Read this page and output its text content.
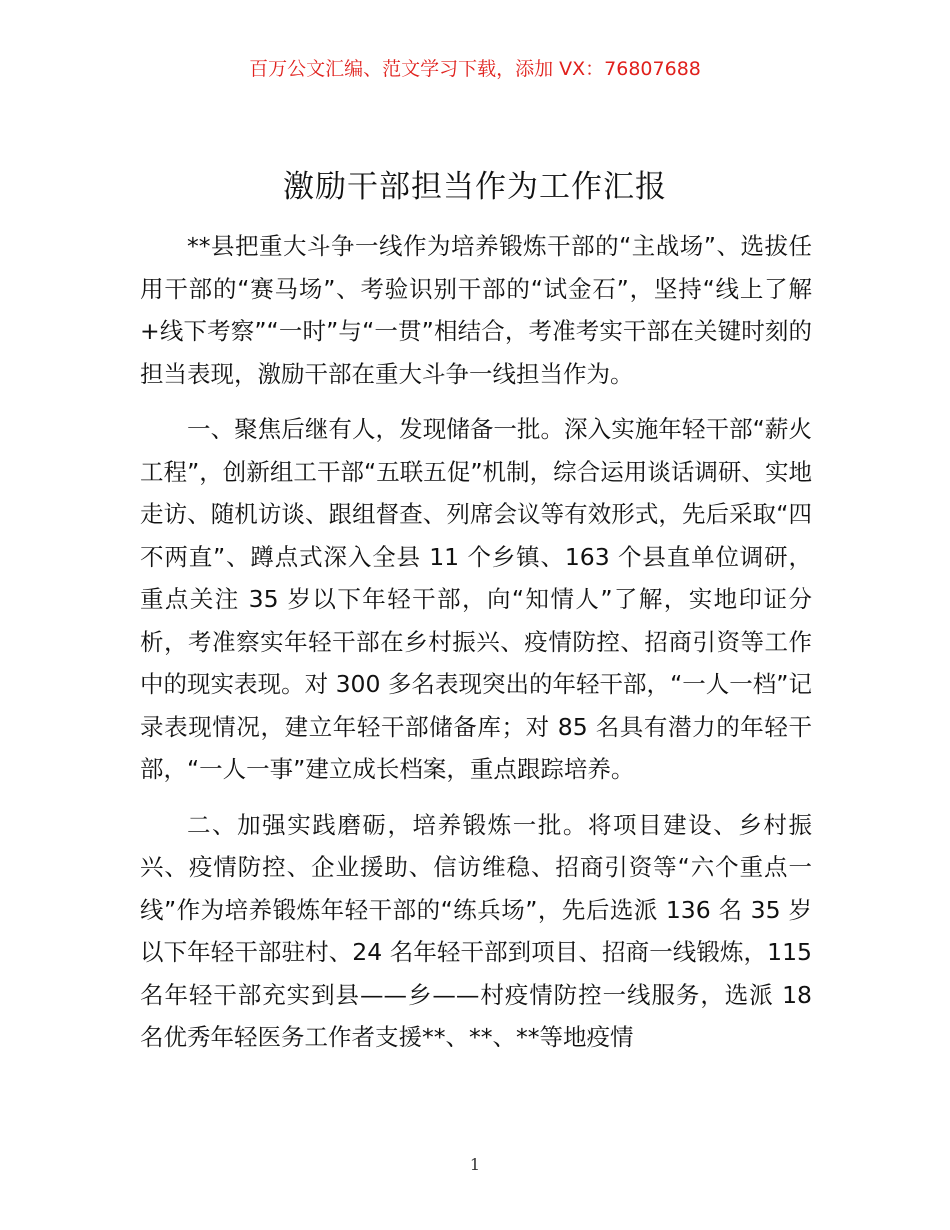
百万公文汇编、范文学习下载，添加 VX：76807688
激励干部担当作为工作汇报

**县把重大斗争一线作为培养锻炼干部的“主战场”、选拔任用干部的“赛马场”、考验识别干部的“试金石”，坚持“线上了解+线下考察”“一时”与“一贯”相结合，考准考实干部在关键时刻的担当表现，激励干部在重大斗争一线担当作为。

一、聚焦后继有人，发现储备一批。深入实施年轻干部“薪火工程”，创新组工干部“五联五促”机制，综合运用谈话调研、实地走访、随机访谈、跟组督查、列席会议等有效形式，先后采取“四不两直”、蹲点式深入全县 11 个乡镇、163 个县直单位调研，重点关注 35 岁以下年轻干部，向“知情人”了解，实地印证分析，考准察实年轻干部在乡村振兴、疫情防控、招商引资等工作中的现实表现。对 300 多名表现突出的年轻干部，“一人一档”记录表现情况，建立年轻干部储备库；对 85 名具有潜力的年轻干部，“一人一事”建立成长档案，重点跟踪培养。

二、加强实践磨砺，培养锻炼一批。将项目建设、乡村振兴、疫情防控、企业援助、信访维稳、招商引资等“六个重点一线”作为培养锻炼年轻干部的“练兵场”，先后选派 136 名 35 岁以下年轻干部驻村、24 名年轻干部到项目、招商一线锻炼，115 名年轻干部充实到县——乡——村疫情防控一线服务，选派 18 名优秀年轻医务工作者支援**、**、**等地疫情

1
